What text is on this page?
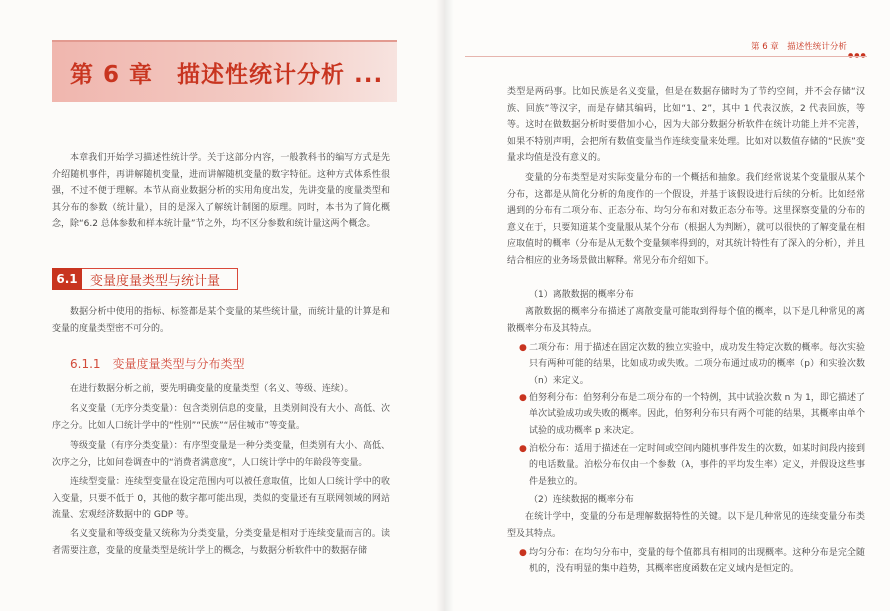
第 6 章　描述性统计分析 ...
本章我们开始学习描述性统计学。关于这部分内容，一般教科书的编写方式是先介绍随机事件，再讲解随机变量，进而讲解随机变量的数字特征。这种方式体系性很强，不过不便于理解。本节从商业数据分析的实用角度出发，先讲变量的度量类型和其分布的参数（统计量），目的是深入了解统计制图的原理。同时，本书为了简化概念，除“6.2 总体参数和样本统计量”节之外，均不区分参数和统计量这两个概念。
6.1 变量度量类型与统计量
数据分析中使用的指标、标签都是某个变量的某些统计量，而统计量的计算是和变量的度量类型密不可分的。
6.1.1　变量度量类型与分布类型
在进行数据分析之前，要先明确变量的度量类型（名义、等级、连续）。
名义变量（无序分类变量）：包含类别信息的变量，且类别间没有大小、高低、次序之分。比如人口统计学中的“性别”“民族”“居住城市”等变量。
等级变量（有序分类变量）：有序型变量是一种分类变量，但类别有大小、高低、次序之分，比如问卷调查中的“消费者满意度”，人口统计学中的年龄段等变量。
连续型变量：连续型变量在设定范围内可以被任意取值，比如人口统计学中的收入变量，只要不低于 0，其他的数字都可能出现，类似的变量还有互联网领域的网站流量、宏观经济数据中的 GDP 等。
名义变量和等级变量又统称为分类变量，分类变量是相对于连续变量而言的。读者需要注意，变量的度量类型是统计学上的概念，与数据分析软件中的数据存储
第 6 章　描述性统计分析
类型是两码事。比如民族是名义变量，但是在数据存储时为了节约空间，并不会存储“汉族、回族”等汉字，而是存储其编码，比如“1、2”，其中 1 代表汉族，2 代表回族，等等。这时在做数据分析时要借加小心，因为大部分数据分析软件在统计功能上并不完善，如果不特别声明，会把所有数值变量当作连续变量来处理。比如对以数值存储的“民族”变量求均值是没有意义的。
变量的分布类型是对实际变量分布的一个概括和抽象。我们经常说某个变量服从某个分布，这都是从简化分析的角度作的一个假设，并基于该假设进行后续的分析。比如经常遇到的分布有二项分布、正态分布、均匀分布和对数正态分布等。这里探察变量的分布的意义在于，只要知道某个变量服从某个分布（根据人为判断），就可以很快的了解变量在相应取值时的概率（分布是从无数个变量频率得到的，对其统计特性有了深入的分析），并且结合相应的业务场景做出解释。常见分布介绍如下。
（1）离散数据的概率分布
离散数据的概率分布描述了离散变量可能取到得每个值的概率，以下是几种常见的离散概率分布及其特点。
● 二项分布：用于描述在固定次数的独立实验中，成功发生特定次数的概率。每次实验只有两种可能的结果，比如成功或失败。二项分布通过成功的概率（p）和实验次数（n）来定义。
● 伯努利分布：伯努利分布是二项分布的一个特例，其中试验次数 n 为 1，即它描述了单次试验成功或失败的概率。因此，伯努利分布只有两个可能的结果，其概率由单个试验的成功概率 p 来决定。
● 泊松分布：适用于描述在一定时间或空间内随机事件发生的次数，如某时间段内接到的电话数量。泊松分布仅由一个参数（λ，事件的平均发生率）定义，并假设这些事件是独立的。
（2）连续数据的概率分布
在统计学中，变量的分布是理解数据特性的关键。以下是几种常见的连续变量分布类型及其特点。
● 均匀分布：在均匀分布中，变量的每个值都具有相同的出现概率。这种分布是完全随机的，没有明显的集中趋势，其概率密度函数在定义域内是恒定的。
